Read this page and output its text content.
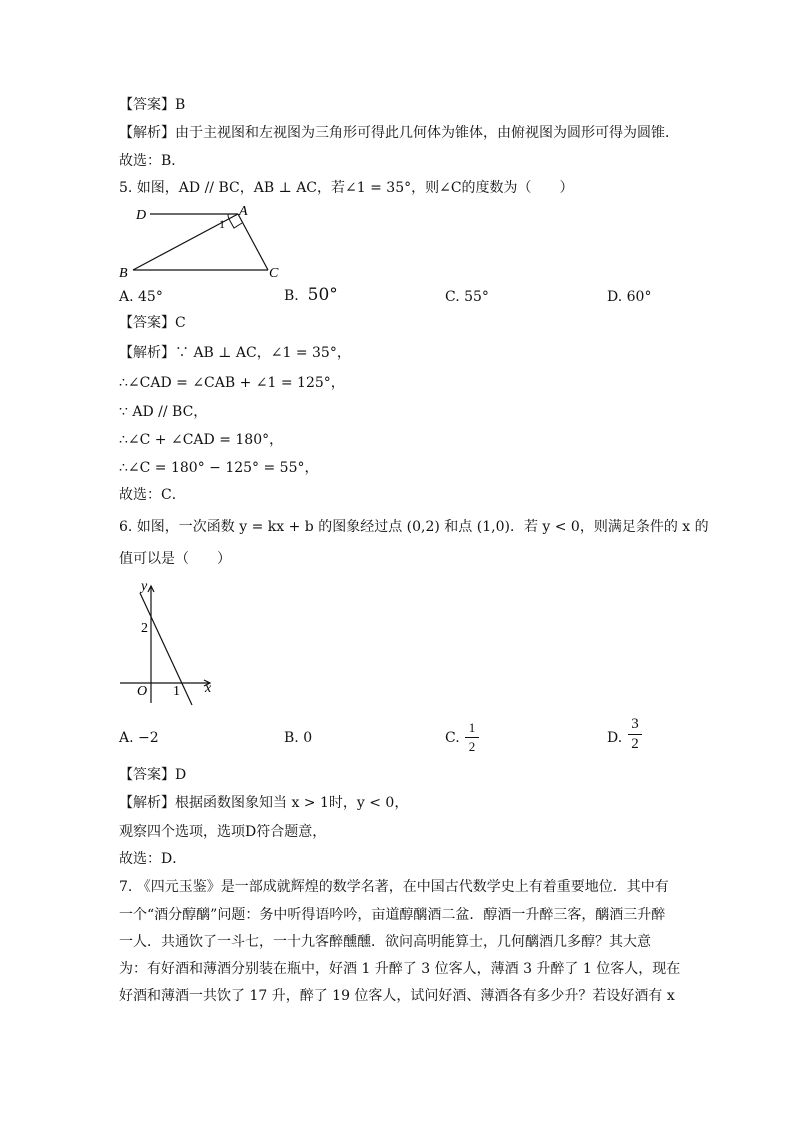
【答案】B
【解析】由于主视图和左视图为三角形可得此几何体为锥体，由俯视图为圆形可得为圆锥．
故选：B．
5. 如图，AD // BC，AB ⊥ AC，若∠1 = 35°，则∠C的度数为（　　）
D	A
B	C
1
A. 45°	B. 50°	C. 55°	D. 60°
【答案】C
【解析】∵ AB ⊥ AC，∠1 = 35°，
∴∠CAD = ∠CAB + ∠1 = 125°，
∵ AD // BC，
∴∠C + ∠CAD = 180°，
∴∠C = 180° − 125° = 55°，
故选：C．
6. 如图，一次函数 y = kx + b 的图象经过点 (0,2) 和点 (1,0)．若 y < 0，则满足条件的 x 的
值可以是（　　）
y
x
O
2
1
A. −2	B. 0	C.
1
2
D.
3
2
【答案】D
【解析】根据函数图象知当 x > 1时，y < 0，
观察四个选项，选项D符合题意，
故选：D．
7. 《四元玉鉴》是一部成就辉煌的数学名著，在中国古代数学史上有着重要地位．其中有
一个“酒分醇醨”问题：务中听得语吟吟，亩道醇醨酒二盆．醇酒一升醉三客，醨酒三升醉
一人．共通饮了一斗七，一十九客醉醺醺．欲问高明能算士，几何醨酒几多醇？其大意
为：有好酒和薄酒分别装在瓶中，好酒 1 升醉了 3 位客人，薄酒 3 升醉了 1 位客人，现在
好酒和薄酒一共饮了 17 升，醉了 19 位客人，试问好酒、薄酒各有多少升？若设好酒有 x
